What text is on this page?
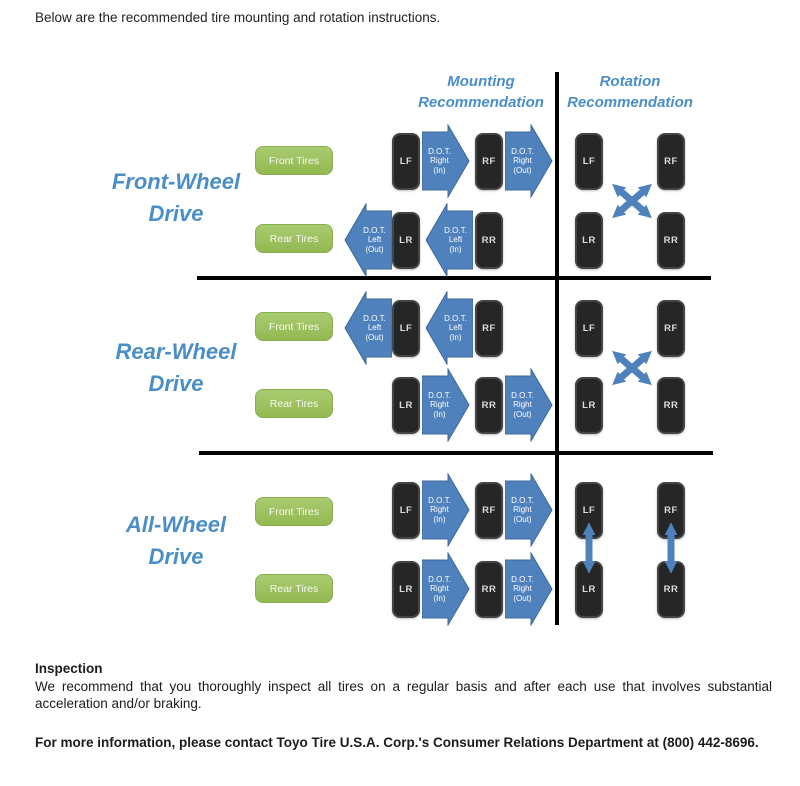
Below are the recommended tire mounting and rotation instructions.
Mounting
Recommendation
Rotation
Recommendation
Front-Wheel
Drive
Front Tires
Rear Tires
LF	RF
LR	RR
D.O.T.
Right
(In)
D.O.T.
Right
(Out)
D.O.T.
Left
(Out)
D.O.T.
Left
(In)
LF	RF
LR	RR
Rear-Wheel
Drive
Front Tires
Rear Tires
LF	RF
LR	RR
D.O.T.
Left
(Out)
D.O.T.
Left
(In)
D.O.T.
Right
(In)
D.O.T.
Right
(Out)
LF	RF
LR	RR
All-Wheel
Drive
Front Tires
Rear Tires
LF	RF
LR	RR
D.O.T.
Right
(In)
D.O.T.
Right
(Out)
D.O.T.
Right
(In)
D.O.T.
Right
(Out)
LF	RF
LR	RR
Inspection
We recommend that you thoroughly inspect all tires on a regular basis and after each use that involves substantial acceleration and/or braking.
For more information, please contact Toyo Tire U.S.A. Corp.'s Consumer Relations Department at (800) 442-8696.
